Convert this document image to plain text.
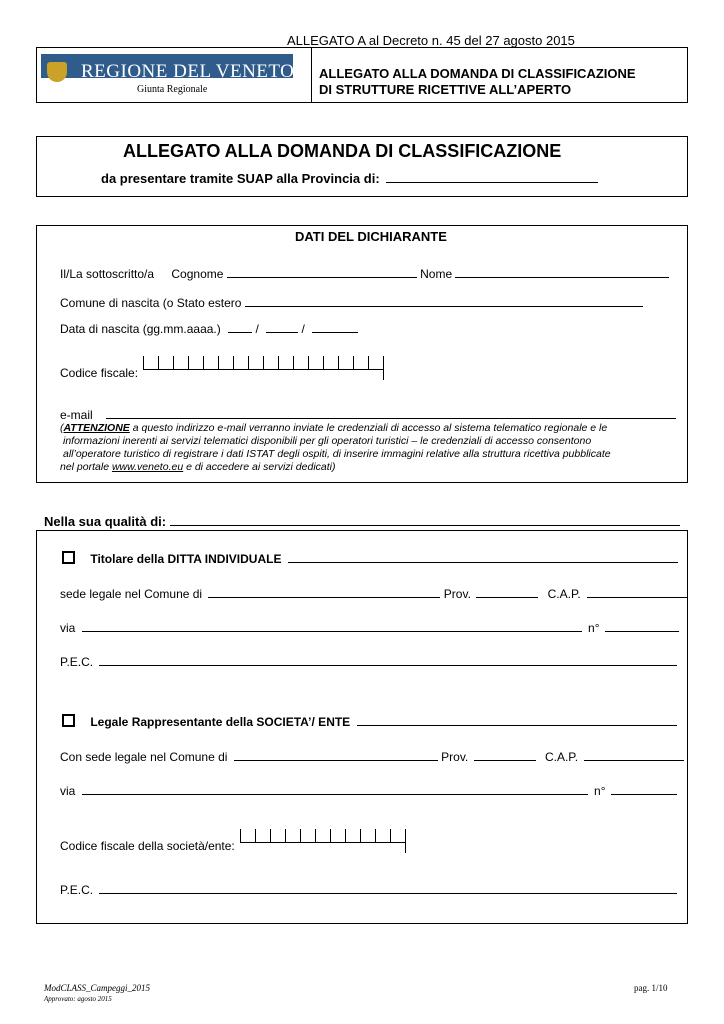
ALLEGATO A al Decreto n. 45 del 27 agosto 2015
REGIONE DEL VENETO
Giunta Regionale
ALLEGATO ALLA DOMANDA DI CLASSIFICAZIONE
DI STRUTTURE RICETTIVE ALL’APERTO
ALLEGATO ALLA DOMANDA DI CLASSIFICAZIONE
da presentare tramite SUAP alla Provincia di:
DATI DEL DICHIARANTE
Il/La sottoscritto/a Cognome	Nome
Comune di nascita (o Stato estero
Data di nascita (gg.mm.aaaa.)	/	/
Codice fiscale:
e-mail
(ATTENZIONE a questo indirizzo e-mail verranno inviate le credenziali di accesso al sistema telematico regionale e le
informazioni inerenti ai servizi telematici disponibili per gli operatori turistici – le credenziali di accesso consentono
all’operatore turistico di registrare i dati ISTAT degli ospiti, di inserire immagini relative alla struttura ricettiva pubblicate
nel portale www.veneto.eu e di accedere ai servizi dedicati)
Nella sua qualità di:
Titolare della DITTA INDIVIDUALE
sede legale nel Comune di	Prov.	C.A.P.
via	n°
P.E.C.
Legale Rappresentante della SOCIETA’/ ENTE
Con sede legale nel Comune di	Prov.	C.A.P.
via	n°
Codice fiscale della società/ente:
P.E.C.
ModCLASS_Campeggi_2015
Approvato: agosto 2015
pag. 1/10
